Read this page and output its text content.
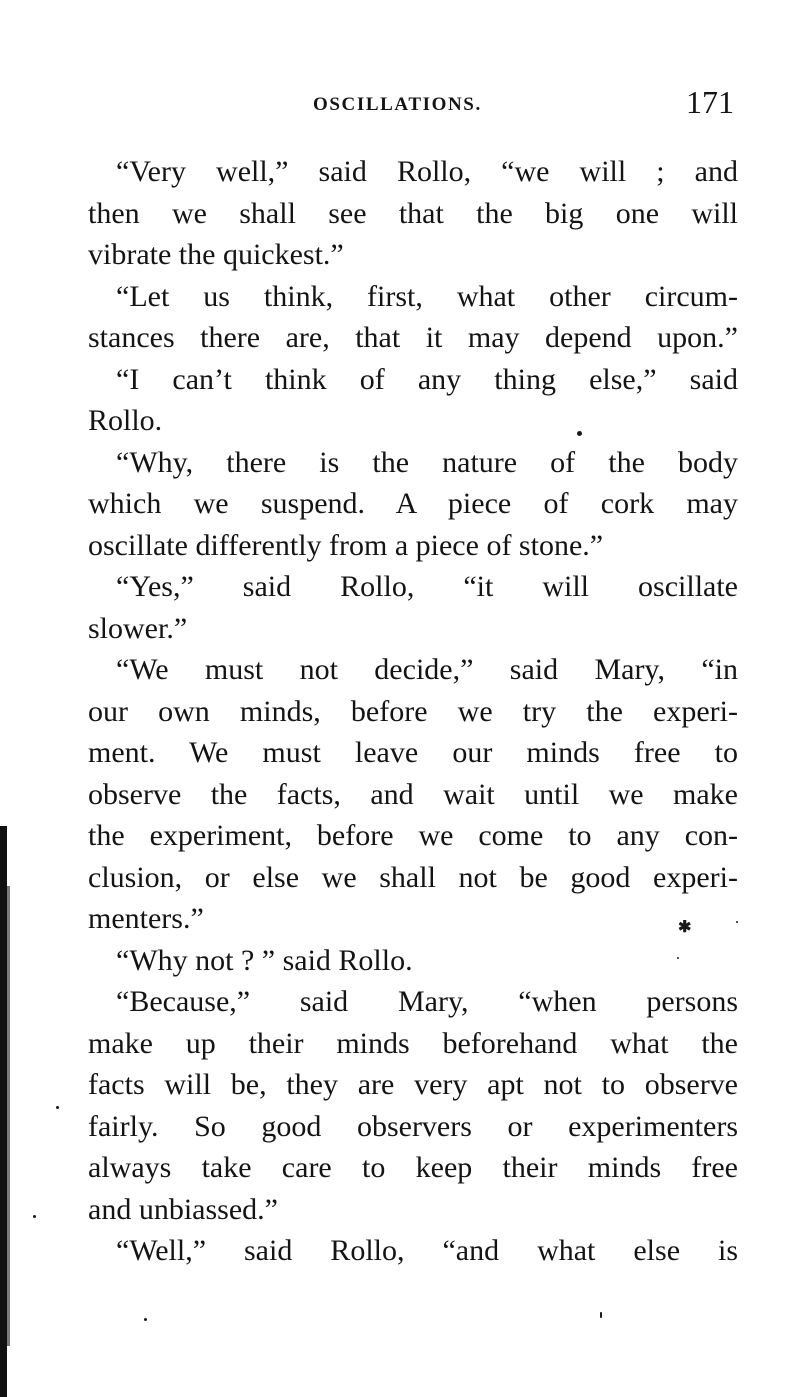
OSCILLATIONS.	171
“Very well,” said Rollo, “we will ; and
then we shall see that the big one will
vibrate the quickest.”
“Let us think, first, what other circum-
stances there are, that it may depend upon.”
“I can’t think of any thing else,” said
Rollo.
“Why, there is the nature of the body
which we suspend. A piece of cork may
oscillate differently from a piece of stone.”
“Yes,” said Rollo, “it will oscillate
slower.”
“We must not decide,” said Mary, “in
our own minds, before we try the experi-
ment. We must leave our minds free to
observe the facts, and wait until we make
the experiment, before we come to any con-
clusion, or else we shall not be good experi-
menters.”
“Why not ? ” said Rollo.
“Because,” said Mary, “when persons
make up their minds beforehand what the
facts will be, they are very apt not to observe
fairly. So good observers or experimenters
always take care to keep their minds free
and unbiassed.”
“Well,” said Rollo, “and what else is
✱
